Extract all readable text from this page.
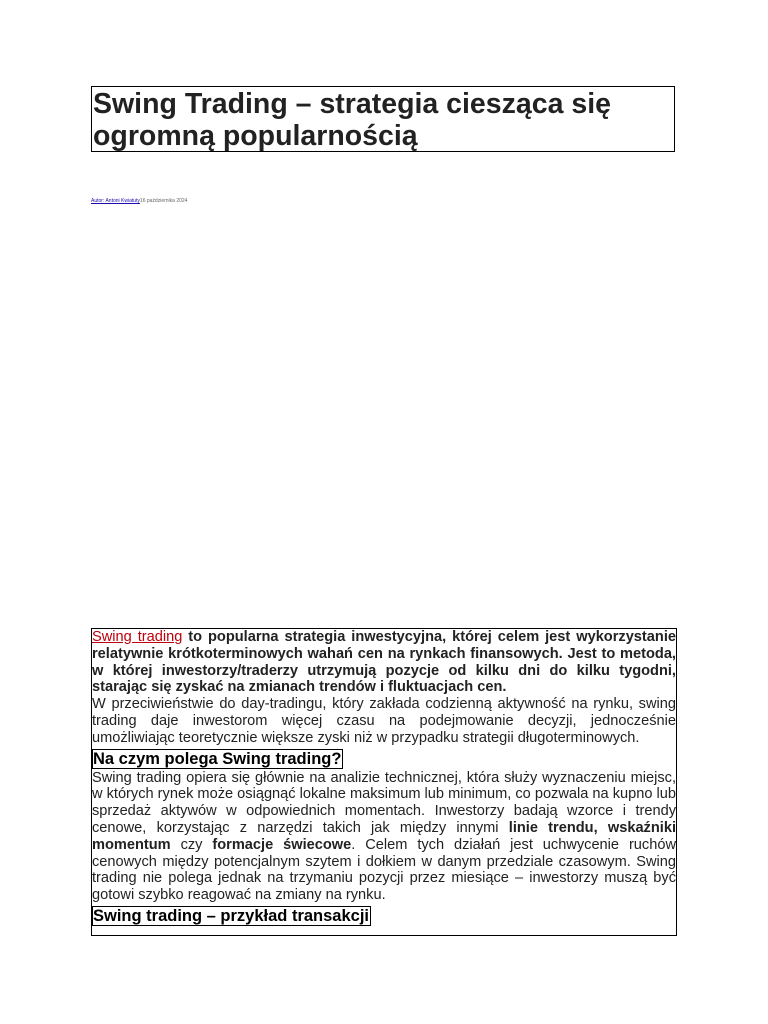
Swing Trading – strategia ciesząca się ogromną popularnością
Autor: Antoni Kwiatuty16 października 2024

Swing trading to popularna strategia inwestycyjna, której celem jest wykorzystanie relatywnie krótkoterminowych wahań cen na rynkach finansowych. Jest to metoda, w której inwestorzy/traderzy utrzymują pozycje od kilku dni do kilku tygodni, starając się zyskać na zmianach trendów i fluktuacjach cen.

W przeciwieństwie do day-tradingu, który zakłada codzienną aktywność na rynku, swing trading daje inwestorom więcej czasu na podejmowanie decyzji, jednocześnie umożliwiając teoretycznie większe zyski niż w przypadku strategii długoterminowych.

Na czym polega Swing trading?

Swing trading opiera się głównie na analizie technicznej, która służy wyznaczeniu miejsc, w których rynek może osiągnąć lokalne maksimum lub minimum, co pozwala na kupno lub sprzedaż aktywów w odpowiednich momentach. Inwestorzy badają wzorce i trendy cenowe, korzystając z narzędzi takich jak między innymi linie trendu, wskaźniki momentum czy formacje świecowe. Celem tych działań jest uchwycenie ruchów cenowych między potencjalnym szytem i dołkiem w danym przedziale czasowym. Swing trading nie polega jednak na trzymaniu pozycji przez miesiące – inwestorzy muszą być gotowi szybko reagować na zmiany na rynku.

Swing trading – przykład transakcji
